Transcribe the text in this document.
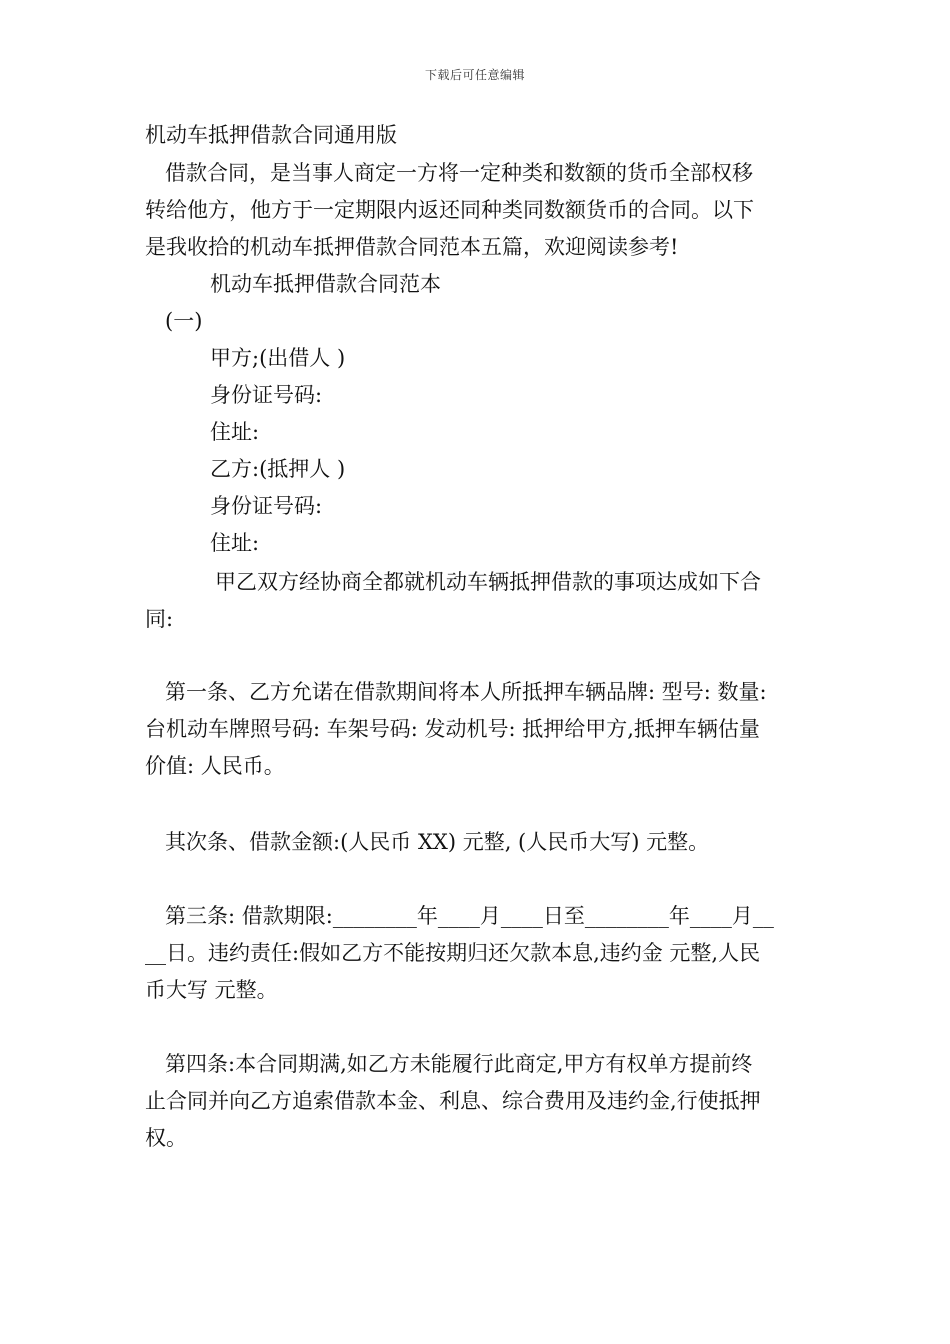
下载后可任意编辑
机动车抵押借款合同通用版
借款合同，是当事人商定一方将一定种类和数额的货币全部权移
转给他方，他方于一定期限内返还同种类同数额货币的合同。以下
是我收拾的机动车抵押借款合同范本五篇，欢迎阅读参考!
机动车抵押借款合同范本
(一)
甲方;(出借人 )
身份证号码:
住址:
乙方:(抵押人 )
身份证号码:
住址:
甲乙双方经协商全都就机动车辆抵押借款的事项达成如下合
同:
第一条、乙方允诺在借款期间将本人所抵押车辆品牌: 型号: 数量:
台机动车牌照号码: 车架号码: 发动机号: 抵押给甲方,抵押车辆估量
价值: 人民币。
其次条、借款金额:(人民币 XX) 元整, (人民币大写) 元整。
第三条: 借款期限:________年____月____日至________年____月__
__日。违约责任:假如乙方不能按期归还欠款本息,违约金 元整,人民
币大写 元整。
第四条:本合同期满,如乙方未能履行此商定,甲方有权单方提前终
止合同并向乙方追索借款本金、利息、综合费用及违约金,行使抵押
权。
